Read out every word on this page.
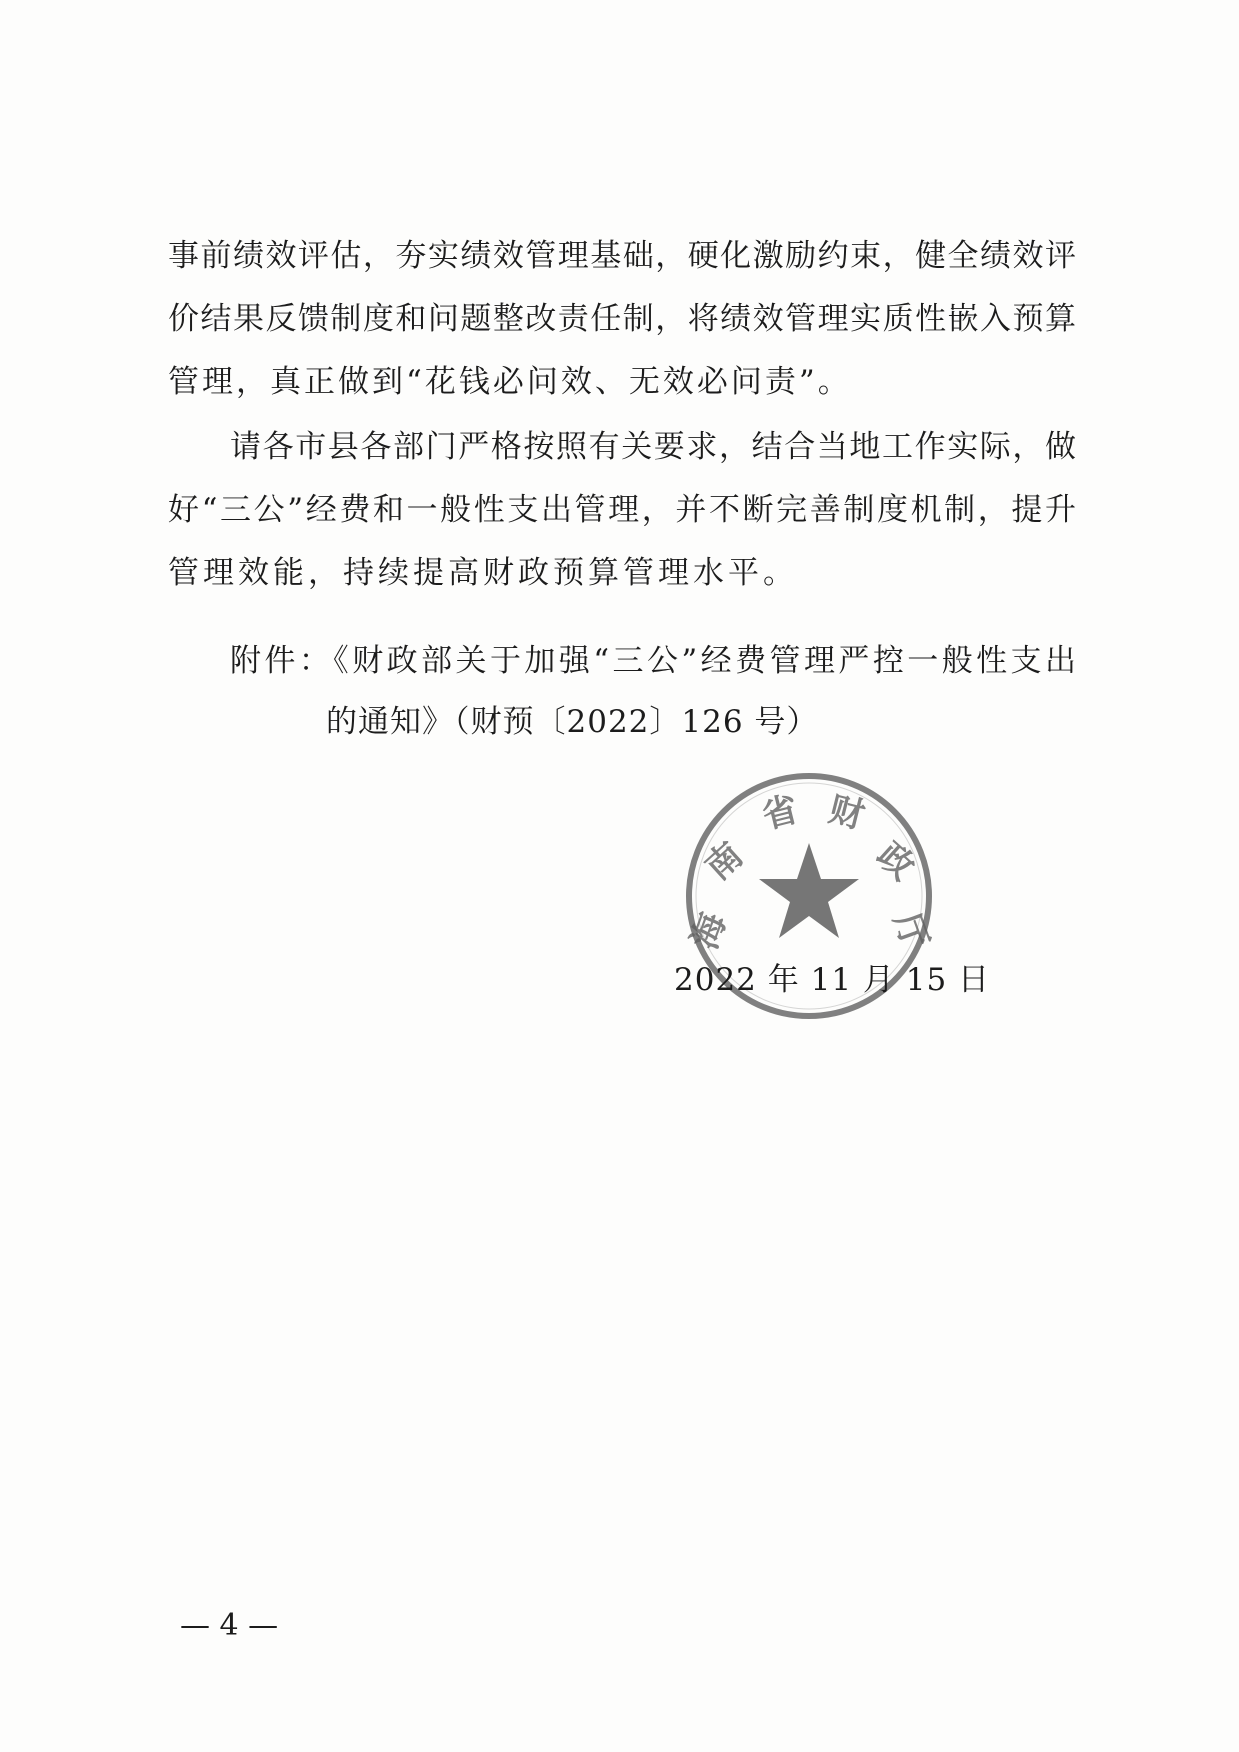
事前绩效评估，夯实绩效管理基础，硬化激励约束，健全绩效评
价结果反馈制度和问题整改责任制，将绩效管理实质性嵌入预算
管理，真正做到“花钱必问效、无效必问责”。
请各市县各部门严格按照有关要求，结合当地工作实际，做
好“三公”经费和一般性支出管理，并不断完善制度机制，提升
管理效能，持续提高财政预算管理水平。
附件：《财政部关于加强“三公”经费管理严控一般性支出
的通知》（财预〔2022〕126 号）
海
南
省 财
政
厅
2022 年 11 月 15 日
— 4 —
